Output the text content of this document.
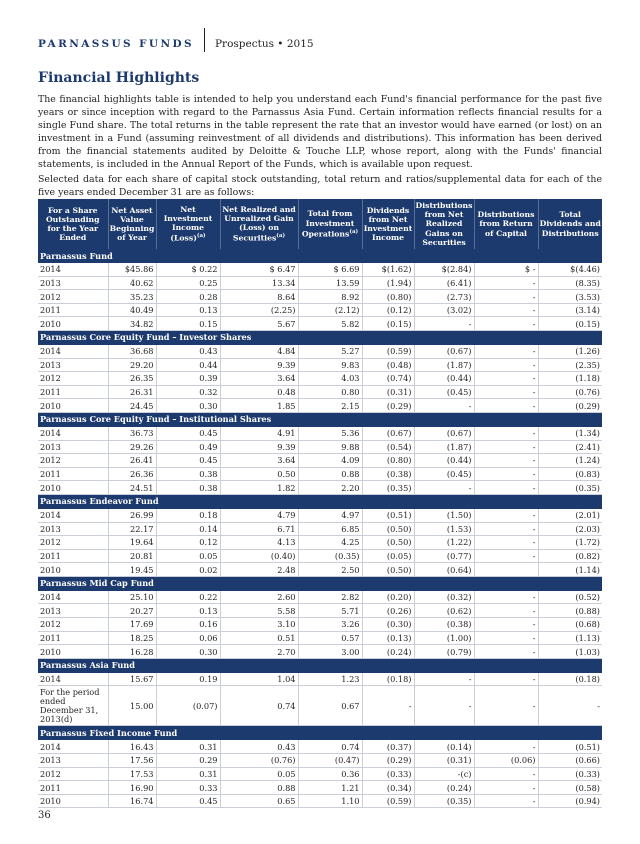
PARNASSUS FUNDS Prospectus • 2015
Financial Highlights

The financial highlights table is intended to help you understand each Fund's financial performance for the past five years or since inception with regard to the Parnassus Asia Fund. Certain information reflects financial results for a single Fund share. The total returns in the table represent the rate that an investor would have earned (or lost) on an investment in a Fund (assuming reinvestment of all dividends and distributions). This information has been derived from the financial statements audited by Deloitte & Touche LLP, whose report, along with the Funds' financial statements, is included in the Annual Report of the Funds, which is available upon request.

Selected data for each share of capital stock outstanding, total return and ratios/supplemental data for each of the five years ended December 31 are as follows:

For a Share Outstanding for the Year Ended	Net Asset Value Beginning of Year	Net Investment Income (Loss)$^{(a)}$	Net Realized and Unrealized Gain (Loss) on Securities$^{(a)}$	Total from Investment Operations$^{(a)}$	Dividends from Net Investment Income	Distributions from Net Realized Gains on Securities	Distributions from Return of Capital	Total Dividends and Distributions
Parnassus Fund								
2014	$45.86	$ 0.22	$ 6.47	$ 6.69	$(1.62)	$(2.84)	$ -	$(4.46)
2013	40.62	0.25	13.34	13.59	(1.94)	(6.41)	-	(8.35)
2012	35.23	0.28	8.64	8.92	(0.80)	(2.73)	-	(3.53)
2011	40.49	0.13	(2.25)	(2.12)	(0.12)	(3.02)	-	(3.14)
2010	34.82	0.15	5.67	5.82	(0.15)	-	-	(0.15)
Parnassus Core Equity Fund – Investor Shares								
2014	36.68	0.43	4.84	5.27	(0.59)	(0.67)	-	(1.26)
2013	29.20	0.44	9.39	9.83	(0.48)	(1.87)	-	(2.35)
2012	26.35	0.39	3.64	4.03	(0.74)	(0.44)	-	(1.18)
2011	26.31	0.32	0.48	0.80	(0.31)	(0.45)	-	(0.76)
2010	24.45	0.30	1.85	2.15	(0.29)	-	-	(0.29)
Parnassus Core Equity Fund – Institutional Shares								
2014	36.73	0.45	4.91	5.36	(0.67)	(0.67)	-	(1.34)
2013	29.26	0.49	9.39	9.88	(0.54)	(1.87)	-	(2.41)
2012	26.41	0.45	3.64	4.09	(0.80)	(0.44)	-	(1.24)
2011	26.36	0.38	0.50	0.88	(0.38)	(0.45)	-	(0.83)
2010	24.51	0.38	1.82	2.20	(0.35)	-	-	(0.35)
Parnassus Endeavor Fund								
2014	26.99	0.18	4.79	4.97	(0.51)	(1.50)	-	(2.01)
2013	22.17	0.14	6.71	6.85	(0.50)	(1.53)	-	(2.03)
2012	19.64	0.12	4.13	4.25	(0.50)	(1.22)	-	(1.72)
2011	20.81	0.05	(0.40)	(0.35)	(0.05)	(0.77)	-	(0.82)
2010	19.45	0.02	2.48	2.50	(0.50)	(0.64)		(1.14)
Parnassus Mid Cap Fund								
2014	25.10	0.22	2.60	2.82	(0.20)	(0.32)	-	(0.52)
2013	20.27	0.13	5.58	5.71	(0.26)	(0.62)	-	(0.88)
2012	17.69	0.16	3.10	3.26	(0.30)	(0.38)	-	(0.68)
2011	18.25	0.06	0.51	0.57	(0.13)	(1.00)	-	(1.13)
2010	16.28	0.30	2.70	3.00	(0.24)	(0.79)	-	(1.03)
Parnassus Asia Fund								
2014	15.67	0.19	1.04	1.23	(0.18)	-	-	(0.18)
For the period ended December 31, 2013(d)	15.00	(0.07)	0.74	0.67	-	-	-	-
Parnassus Fixed Income Fund								
2014	16.43	0.31	0.43	0.74	(0.37)	(0.14)	-	(0.51)
2013	17.56	0.29	(0.76)	(0.47)	(0.29)	(0.31)	(0.06)	(0.66)
2012	17.53	0.31	0.05	0.36	(0.33)	-(c)	-	(0.33)
2011	16.90	0.33	0.88	1.21	(0.34)	(0.24)	-	(0.58)
2010	16.74	0.45	0.65	1.10	(0.59)	(0.35)	-	(0.94)
36
